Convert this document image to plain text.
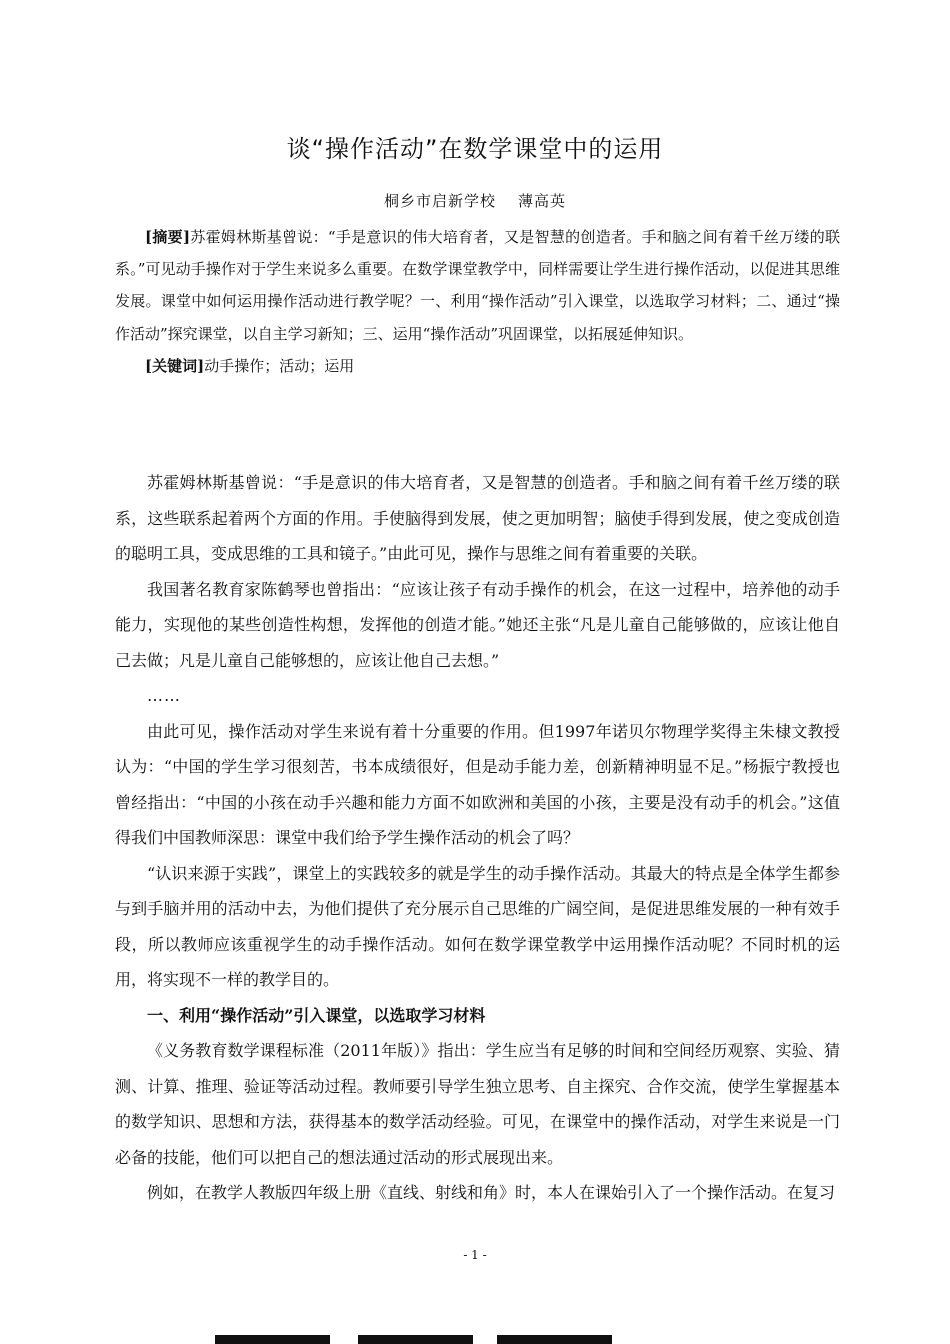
谈“操作活动”在数学课堂中的运用
桐乡市启新学校 薄高英

[摘要]苏霍姆林斯基曾说：“手是意识的伟大培育者，又是智慧的创造者。手和脑之间有着千丝万缕的联系。”可见动手操作对于学生来说多么重要。在数学课堂教学中，同样需要让学生进行操作活动，以促进其思维发展。课堂中如何运用操作活动进行教学呢？一、利用“操作活动”引入课堂，以选取学习材料；二、通过“操作活动”探究课堂，以自主学习新知；三、运用“操作活动”巩固课堂，以拓展延伸知识。

[关键词]动手操作；活动；运用

苏霍姆林斯基曾说：“手是意识的伟大培育者，又是智慧的创造者。手和脑之间有着千丝万缕的联系，这些联系起着两个方面的作用。手使脑得到发展，使之更加明智；脑使手得到发展，使之变成创造的聪明工具，变成思维的工具和镜子。”由此可见，操作与思维之间有着重要的关联。

我国著名教育家陈鹤琴也曾指出：“应该让孩子有动手操作的机会，在这一过程中，培养他的动手能力，实现他的某些创造性构想，发挥他的创造才能。”她还主张“凡是儿童自己能够做的，应该让他自己去做；凡是儿童自己能够想的，应该让他自己去想。”

……

由此可见，操作活动对学生来说有着十分重要的作用。但1997年诺贝尔物理学奖得主朱棣文教授认为：“中国的学生学习很刻苦，书本成绩很好，但是动手能力差，创新精神明显不足。”杨振宁教授也曾经指出：“中国的小孩在动手兴趣和能力方面不如欧洲和美国的小孩，主要是没有动手的机会。”这值得我们中国教师深思：课堂中我们给予学生操作活动的机会了吗？

“认识来源于实践”，课堂上的实践较多的就是学生的动手操作活动。其最大的特点是全体学生都参与到手脑并用的活动中去，为他们提供了充分展示自己思维的广阔空间，是促进思维发展的一种有效手段，所以教师应该重视学生的动手操作活动。如何在数学课堂教学中运用操作活动呢？不同时机的运用，将实现不一样的教学目的。

一、利用“操作活动”引入课堂，以选取学习材料

《义务教育数学课程标准（2011年版）》指出：学生应当有足够的时间和空间经历观察、实验、猜测、计算、推理、验证等活动过程。教师要引导学生独立思考、自主探究、合作交流，使学生掌握基本的数学知识、思想和方法，获得基本的数学活动经验。可见，在课堂中的操作活动，对学生来说是一门必备的技能，他们可以把自己的想法通过活动的形式展现出来。

例如，在教学人教版四年级上册《直线、射线和角》时，本人在课始引入了一个操作活动。在复习

- 1 -
